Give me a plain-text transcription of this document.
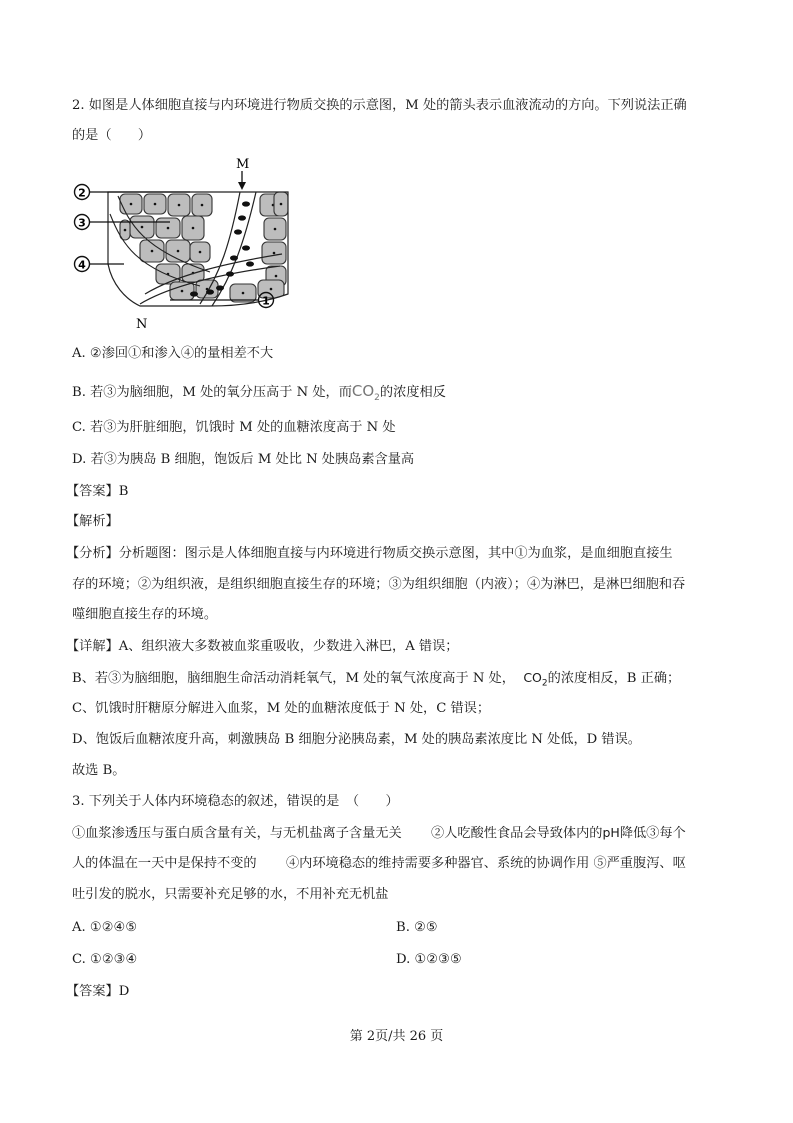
2. 如图是人体细胞直接与内环境进行物质交换的示意图，M 处的箭头表示血液流动的方向。下列说法正确
的是（　　）
M
N
2
3
4
1
A. ②渗回①和渗入④的量相差不大
B. 若③为脑细胞，M 处的氧分压高于 N 处，而$CO_2$的浓度相反
C. 若③为肝脏细胞，饥饿时 M 处的血糖浓度高于 N 处
D. 若③为胰岛 B 细胞，饱饭后 M 处比 N 处胰岛素含量高
【答案】B
【解析】
【分析】分析题图：图示是人体细胞直接与内环境进行物质交换示意图，其中①为血浆，是血细胞直接生
存的环境；②为组织液，是组织细胞直接生存的环境；③为组织细胞（内液）；④为淋巴，是淋巴细胞和吞
噬细胞直接生存的环境。
【详解】A、组织液大多数被血浆重吸收，少数进入淋巴，A 错误；
B、若③为脑细胞，脑细胞生命活动消耗氧气，M 处的氧气浓度高于 N 处， $CO_2$的浓度相反，B 正确；
C、饥饿时肝糖原分解进入血浆，M 处的血糖浓度低于 N 处，C 错误；
D、饱饭后血糖浓度升高，刺激胰岛 B 细胞分泌胰岛素，M 处的胰岛素浓度比 N 处低，D 错误。
故选 B。
3. 下列关于人体内环境稳态的叙述，错误的是　（　　）
①血浆渗透压与蛋白质含量有关，与无机盐离子含量无关 ②人吃酸性食品会导致体内的pH降低③每个
人的体温在一天中是保持不变的 ④内环境稳态的维持需要多种器官、系统的协调作用 ⑤严重腹泻、呕
吐引发的脱水，只需要补充足够的水，不用补充无机盐
A. ①②④⑤	B. ②⑤
C. ①②③④	D. ①②③⑤
【答案】D
第 2页/共 26 页
